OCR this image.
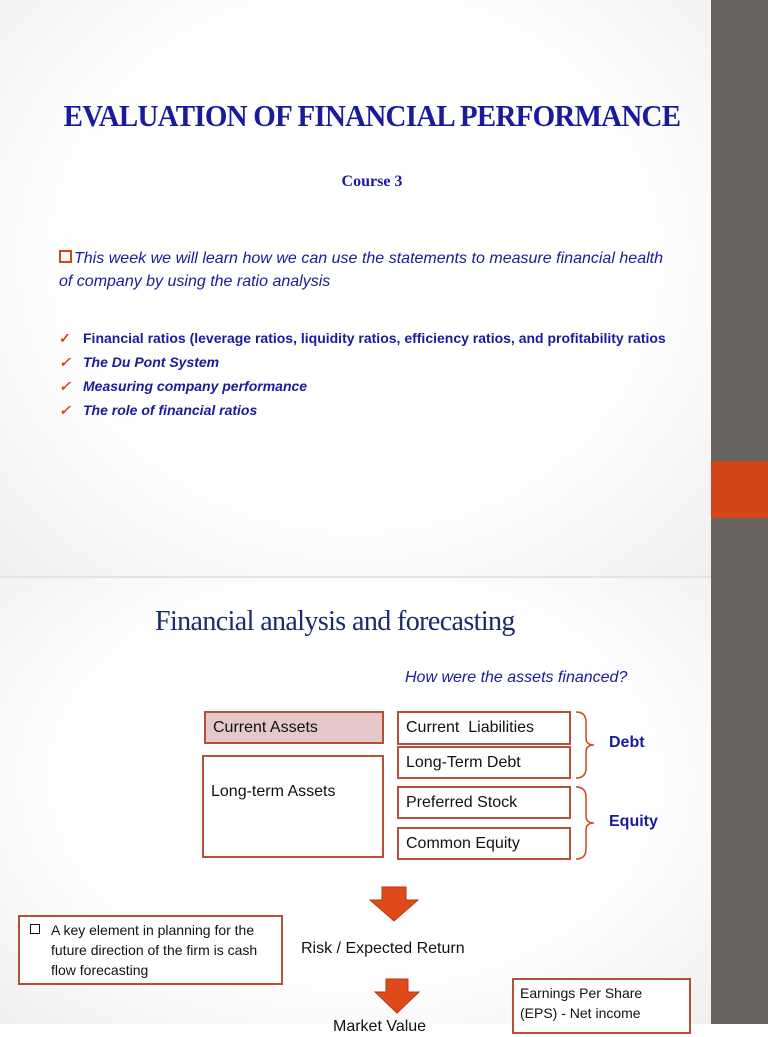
EVALUATION OF FINANCIAL PERFORMANCE
Course 3

This week we will learn how we can use the statements to measure financial health of company by using the ratio analysis

✓ Financial ratios (leverage ratios, liquidity ratios, efficiency ratios, and profitability ratios
✓ The Du Pont System
✓ Measuring company performance
✓ The role of financial ratios
Financial analysis and forecasting
How were the assets financed?
Current Assets
Long-term Assets
Current  Liabilities
Long-Term Debt
Preferred Stock
Common Equity
Debt
Equity
A key element in planning for the future direction of the firm is cash flow forecasting
Risk / Expected Return
Market Value
Earnings Per Share (EPS) - Net income
